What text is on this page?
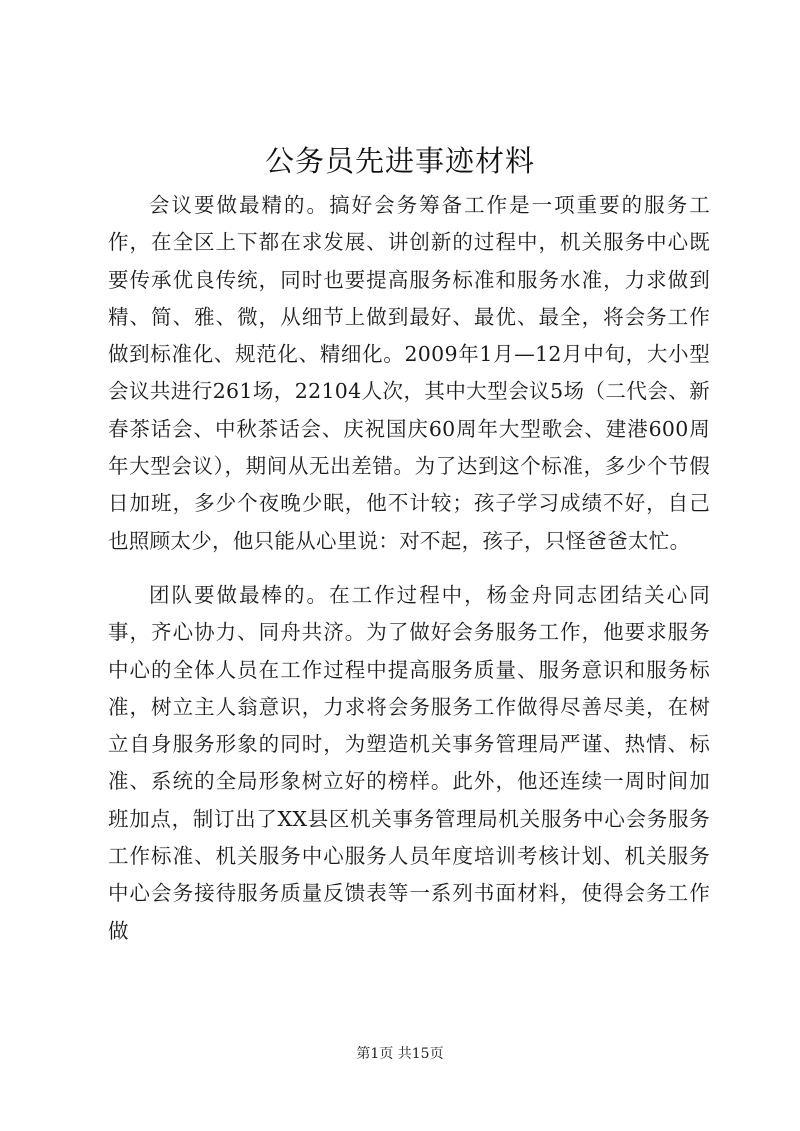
公务员先进事迹材料

会议要做最精的。搞好会务筹备工作是一项重要的服务工作，在全区上下都在求发展、讲创新的过程中，机关服务中心既要传承优良传统，同时也要提高服务标准和服务水准，力求做到精、简、雅、微，从细节上做到最好、最优、最全，将会务工作做到标准化、规范化、精细化。2009年1月—12月中旬，大小型会议共进行261场，22104人次，其中大型会议5场（二代会、新春茶话会、中秋茶话会、庆祝国庆60周年大型歌会、建港600周年大型会议），期间从无出差错。为了达到这个标准，多少个节假日加班，多少个夜晚少眠，他不计较；孩子学习成绩不好，自己也照顾太少，他只能从心里说：对不起，孩子，只怪爸爸太忙。

团队要做最棒的。在工作过程中，杨金舟同志团结关心同事，齐心协力、同舟共济。为了做好会务服务工作，他要求服务中心的全体人员在工作过程中提高服务质量、服务意识和服务标准，树立主人翁意识，力求将会务服务工作做得尽善尽美，在树立自身服务形象的同时，为塑造机关事务管理局严谨、热情、标准、系统的全局形象树立好的榜样。此外，他还连续一周时间加班加点，制订出了XX县区机关事务管理局机关服务中心会务服务工作标准、机关服务中心服务人员年度培训考核计划、机关服务中心会务接待服务质量反馈表等一系列书面材料，使得会务工作做

第1页 共15页
